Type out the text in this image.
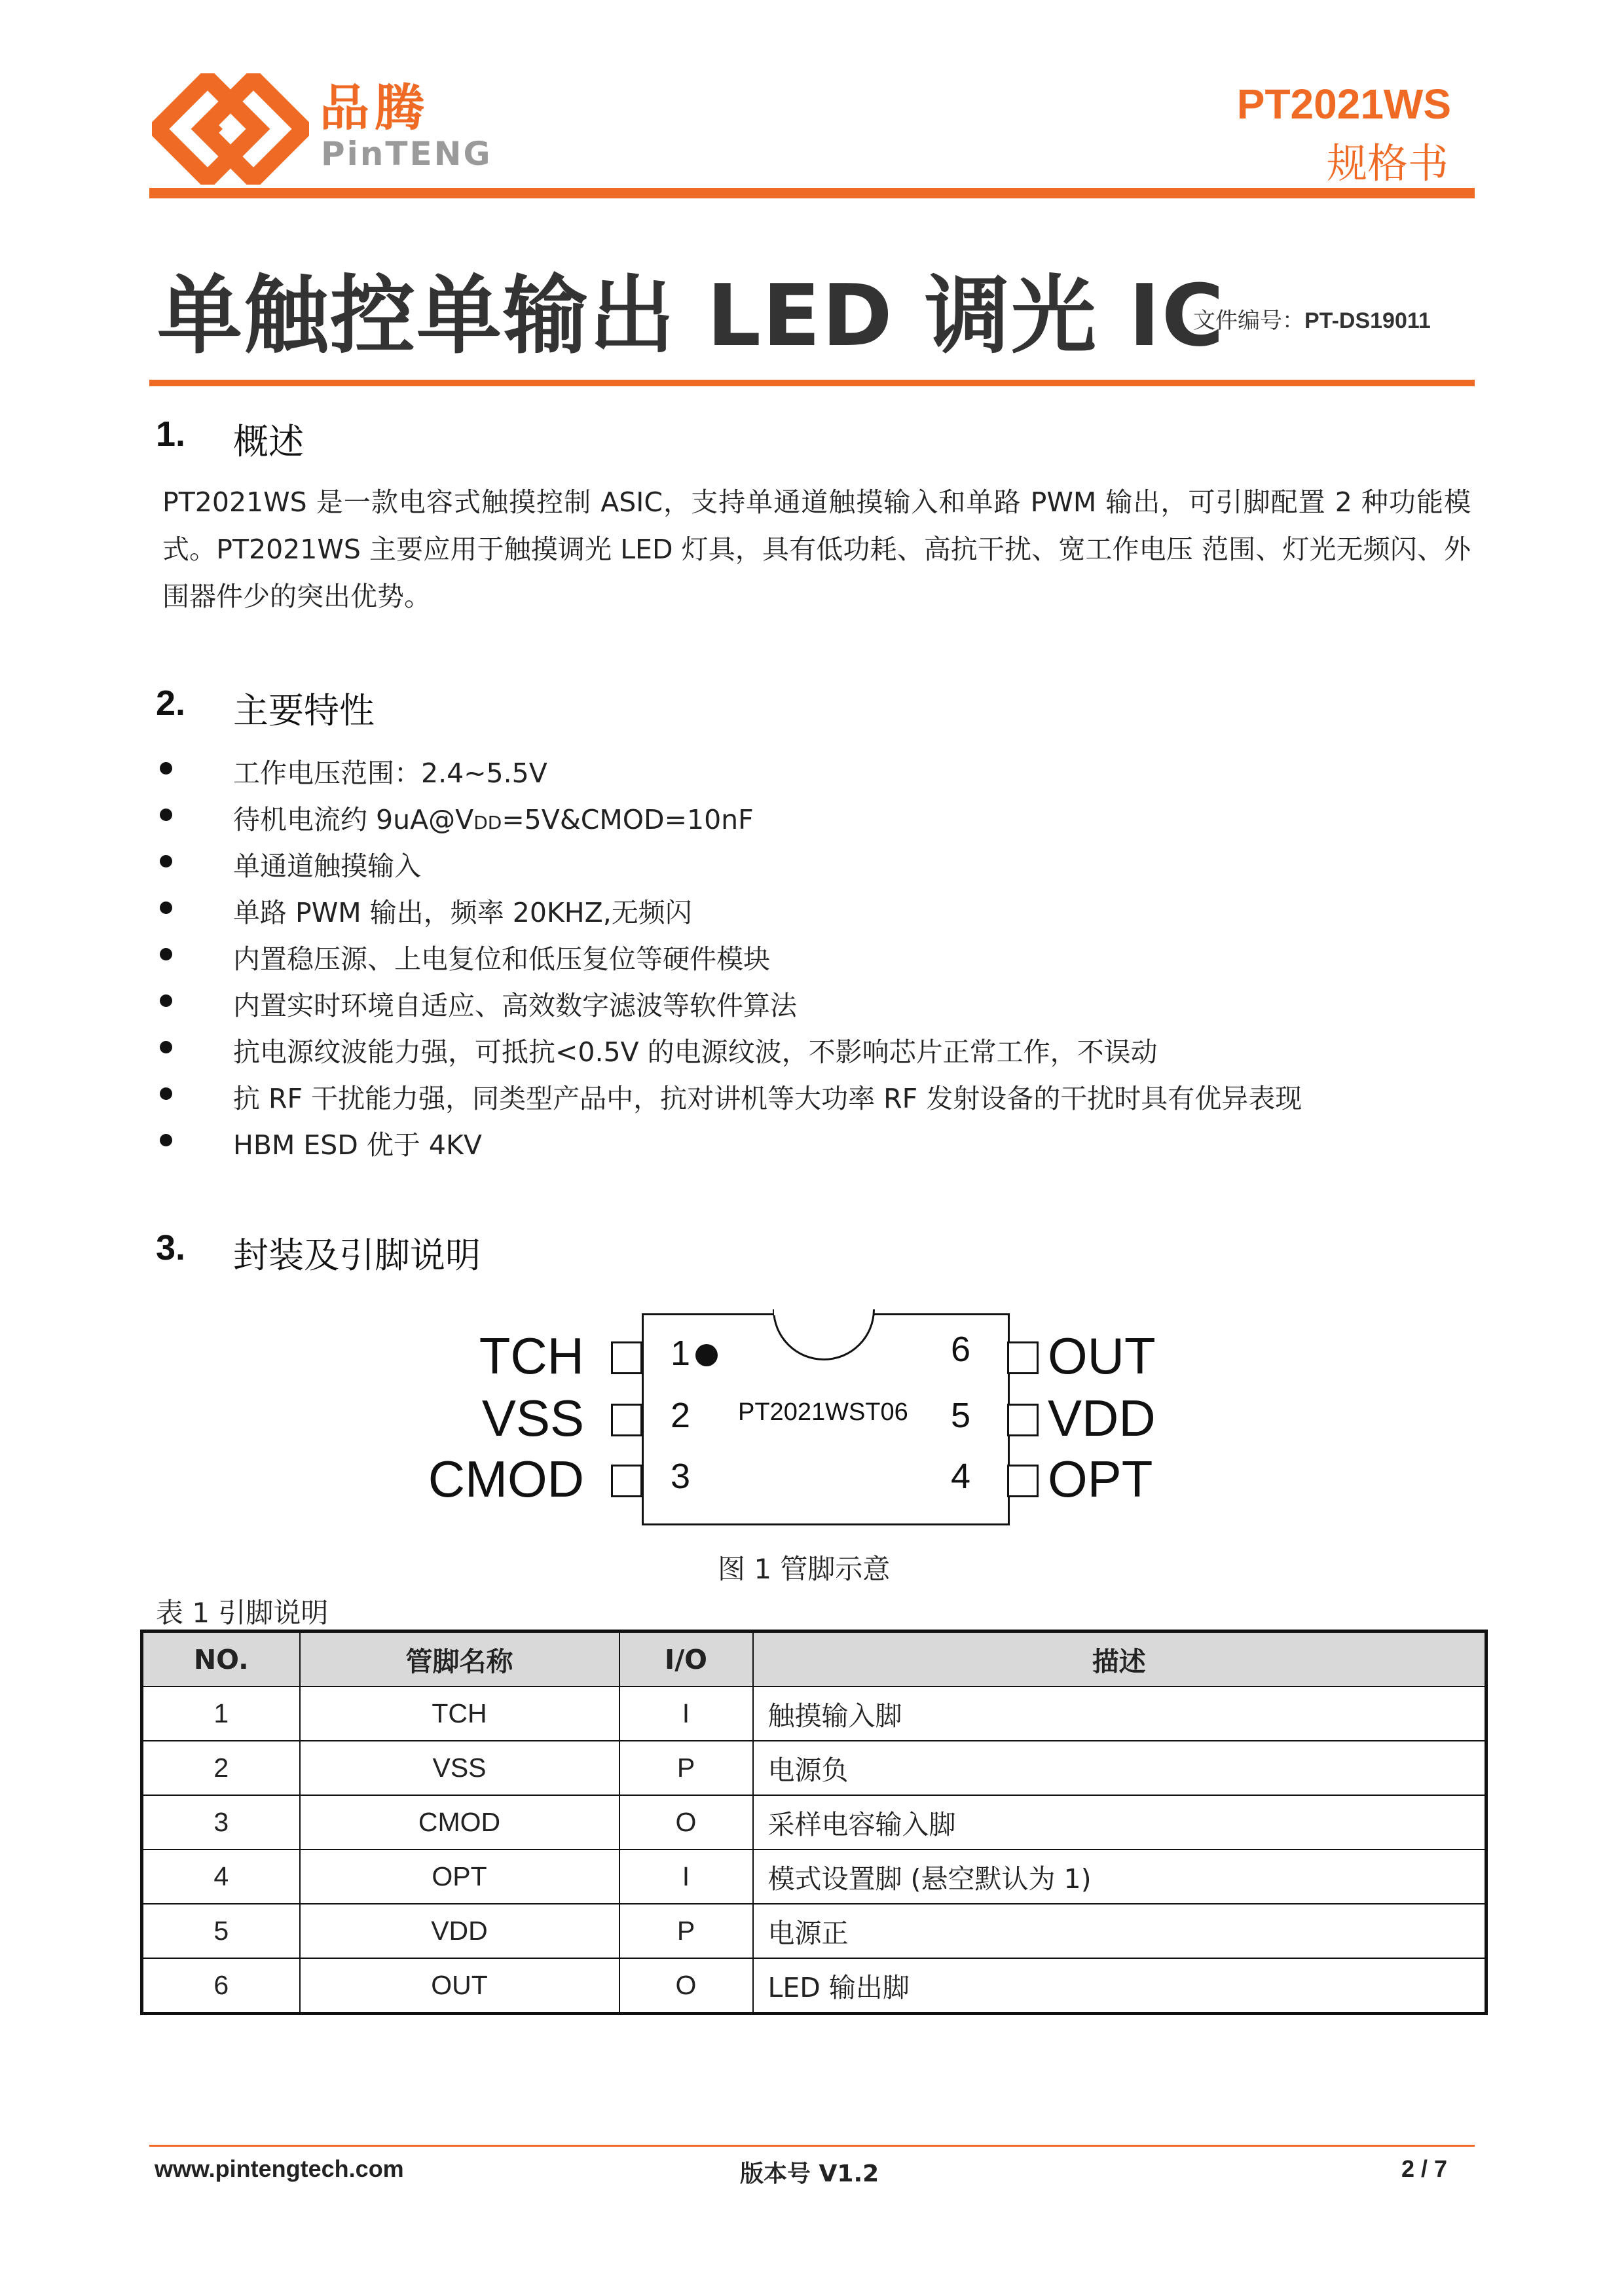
品腾
PinTENG
PT2021WS
规格书
单触控单输出 LED 调光 IC
文件编号：PT-DS19011
1. 概述
PT2021WS 是一款电容式触摸控制 ASIC，支持单通道触摸输入和单路 PWM 输出，可引脚配置 2 种功能模式。PT2021WS 主要应用于触摸调光 LED 灯具，具有低功耗、高抗干扰、宽工作电压 范围、灯光无频闪、外围器件少的突出优势。
2. 主要特性
工作电压范围：2.4~5.5V
待机电流约 9uA@VDD=5V&CMOD=10nF
单通道触摸输入
单路 PWM 输出，频率 20KHZ,无频闪
内置稳压源、上电复位和低压复位等硬件模块
内置实时环境自适应、高效数字滤波等软件算法
抗电源纹波能力强，可抵抗<0.5V 的电源纹波，不影响芯片正常工作，不误动
抗 RF 干扰能力强，同类型产品中，抗对讲机等大功率 RF 发射设备的干扰时具有优异表现
HBM ESD 优于 4KV
3. 封装及引脚说明
PT2021WST06
TCH
VSS
CMOD
1
2
3
OUT
VDD
OPT
6
5
4
图 1 管脚示意
表 1 引脚说明
NO.	管脚名称	I/O	描述
1	TCH	I	触摸输入脚
2	VSS	P	电源负
3	CMOD	O	采样电容输入脚
4	OPT	I	模式设置脚 (悬空默认为 1)
5	VDD	P	电源正
6	OUT	O	LED 输出脚
www.pintengtech.com	版本号 V1.2	2 / 7
